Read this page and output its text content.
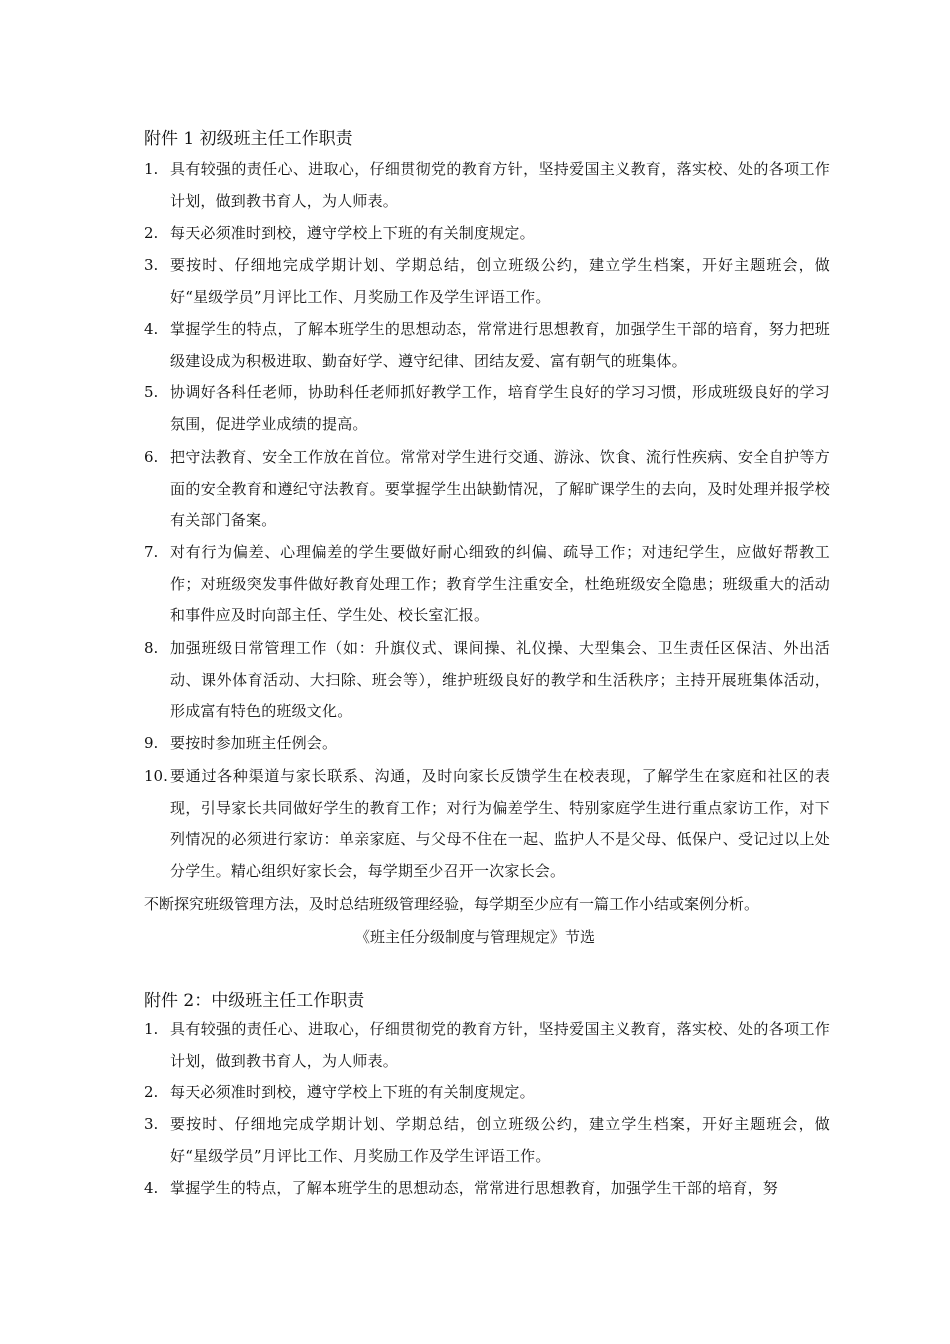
附件 1 初级班主任工作职责
1. 具有较强的责任心、进取心，仔细贯彻党的教育方针，坚持爱国主义教育，落实校、处的各项工作计划，做到教书育人，为人师表。
2. 每天必须准时到校，遵守学校上下班的有关制度规定。
3. 要按时、仔细地完成学期计划、学期总结，创立班级公约，建立学生档案，开好主题班会，做好“星级学员”月评比工作、月奖励工作及学生评语工作。
4. 掌握学生的特点，了解本班学生的思想动态，常常进行思想教育，加强学生干部的培育，努力把班级建设成为积极进取、勤奋好学、遵守纪律、团结友爱、富有朝气的班集体。
5. 协调好各科任老师，协助科任老师抓好教学工作，培育学生良好的学习习惯，形成班级良好的学习氛围，促进学业成绩的提高。
6. 把守法教育、安全工作放在首位。常常对学生进行交通、游泳、饮食、流行性疾病、安全自护等方面的安全教育和遵纪守法教育。要掌握学生出缺勤情况，了解旷课学生的去向，及时处理并报学校有关部门备案。
7. 对有行为偏差、心理偏差的学生要做好耐心细致的纠偏、疏导工作；对违纪学生，应做好帮教工作；对班级突发事件做好教育处理工作；教育学生注重安全，杜绝班级安全隐患；班级重大的活动和事件应及时向部主任、学生处、校长室汇报。
8. 加强班级日常管理工作（如：升旗仪式、课间操、礼仪操、大型集会、卫生责任区保洁、外出活动、课外体育活动、大扫除、班会等），维护班级良好的教学和生活秩序；主持开展班集体活动，形成富有特色的班级文化。
9. 要按时参加班主任例会。
10. 要通过各种渠道与家长联系、沟通，及时向家长反馈学生在校表现，了解学生在家庭和社区的表现，引导家长共同做好学生的教育工作；对行为偏差学生、特别家庭学生进行重点家访工作，对下列情况的必须进行家访：单亲家庭、与父母不住在一起、监护人不是父母、低保户、受记过以上处分学生。精心组织好家长会，每学期至少召开一次家长会。
不断探究班级管理方法，及时总结班级管理经验，每学期至少应有一篇工作小结或案例分析。
《班主任分级制度与管理规定》节选
附件 2：中级班主任工作职责
1. 具有较强的责任心、进取心，仔细贯彻党的教育方针，坚持爱国主义教育，落实校、处的各项工作计划，做到教书育人，为人师表。
2. 每天必须准时到校，遵守学校上下班的有关制度规定。
3. 要按时、仔细地完成学期计划、学期总结，创立班级公约，建立学生档案，开好主题班会，做好“星级学员”月评比工作、月奖励工作及学生评语工作。
4. 掌握学生的特点，了解本班学生的思想动态，常常进行思想教育，加强学生干部的培育，努
